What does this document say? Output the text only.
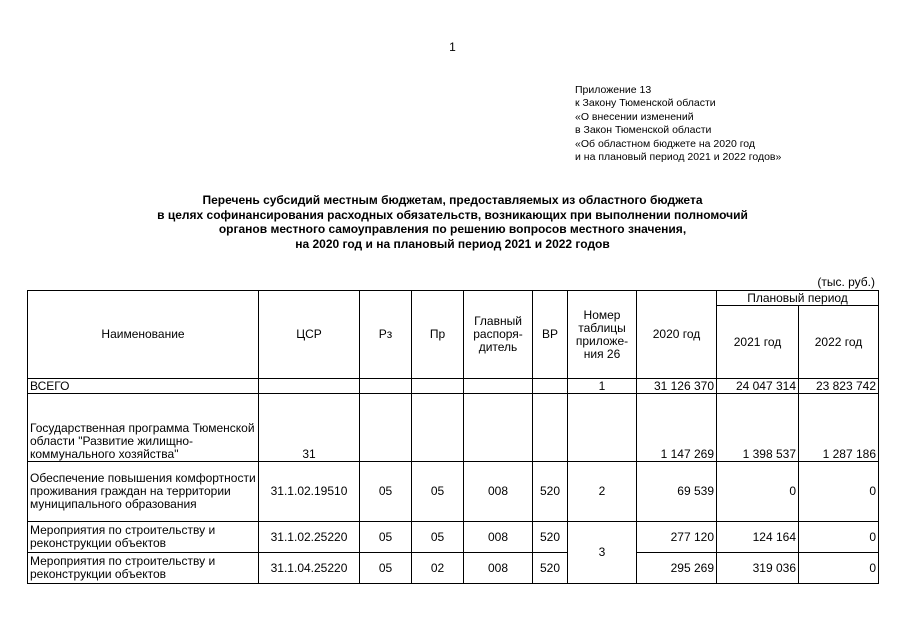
1
Приложение 13
к Закону Тюменской области
«О внесении изменений
в Закон Тюменской области
«Об областном бюджете на 2020 год
и на плановый период 2021 и 2022 годов»
Перечень субсидий местным бюджетам, предоставляемых из областного бюджета
в целях софинансирования расходных обязательств, возникающих при выполнении полномочий
органов местного самоуправления по решению вопросов местного значения,
на 2020 год и на плановый период 2021 и 2022 годов
(тыс. руб.)
Наименование	ЦСР	Рз	Пр	Главный распоря-дитель	ВР	Номер таблицы приложе-ния 26	2020 год	Плановый период	
								2021 год	2022 год
ВСЕГО						1	31 126 370	24 047 314	23 823 742
Государственная программа Тюменской области "Развитие жилищно-коммунального хозяйства"	31						1 147 269	1 398 537	1 287 186
Обеспечение повышения комфортности проживания граждан на территории муниципального образования	31.1.02.19510	05	05	008	520	2	69 539	0	0
Мероприятия по строительству и реконструкции объектов	31.1.02.25220	05	05	008	520	3	277 120	124 164	0
Мероприятия по строительству и реконструкции объектов	31.1.04.25220	05	02	008	520		295 269	319 036	0
